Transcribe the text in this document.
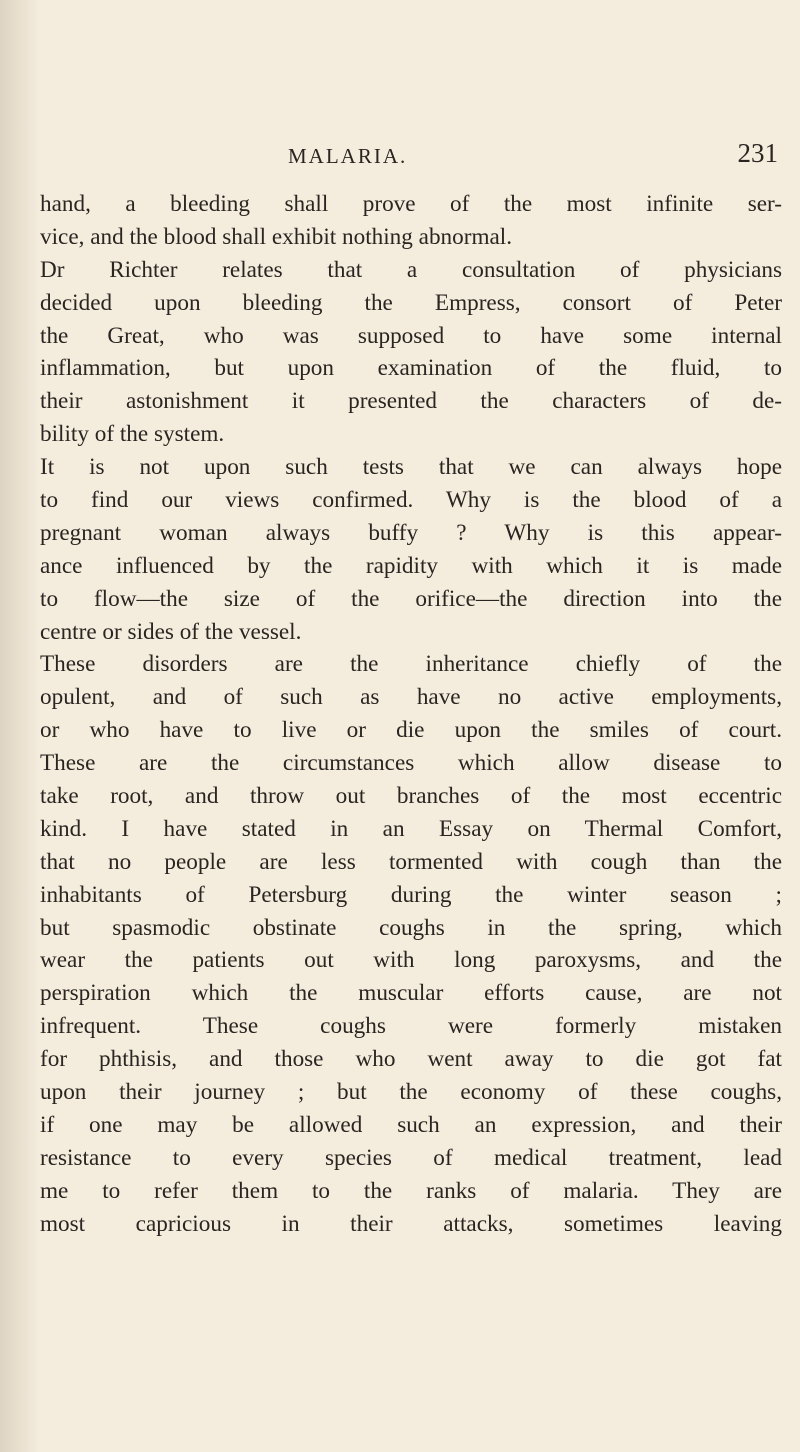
MALARIA.	231
hand, a bleeding shall prove of the most infinite ser-
vice, and the blood shall exhibit nothing abnormal.
Dr Richter relates that a consultation of physicians
decided upon bleeding the Empress, consort of Peter
the Great, who was supposed to have some internal
inflammation, but upon examination of the fluid, to
their astonishment it presented the characters of de-
bility of the system.
It is not upon such tests that we can always hope
to find our views confirmed. Why is the blood of a
pregnant woman always buffy ? Why is this appear-
ance influenced by the rapidity with which it is made
to flow—the size of the orifice—the direction into the
centre or sides of the vessel.
These disorders are the inheritance chiefly of the
opulent, and of such as have no active employments,
or who have to live or die upon the smiles of court.
These are the circumstances which allow disease to
take root, and throw out branches of the most eccentric
kind. I have stated in an Essay on Thermal Comfort,
that no people are less tormented with cough than the
inhabitants of Petersburg during the winter season ;
but spasmodic obstinate coughs in the spring, which
wear the patients out with long paroxysms, and the
perspiration which the muscular efforts cause, are not
infrequent. These coughs were formerly mistaken
for phthisis, and those who went away to die got fat
upon their journey ; but the economy of these coughs,
if one may be allowed such an expression, and their
resistance to every species of medical treatment, lead
me to refer them to the ranks of malaria. They are
most capricious in their attacks, sometimes leaving
